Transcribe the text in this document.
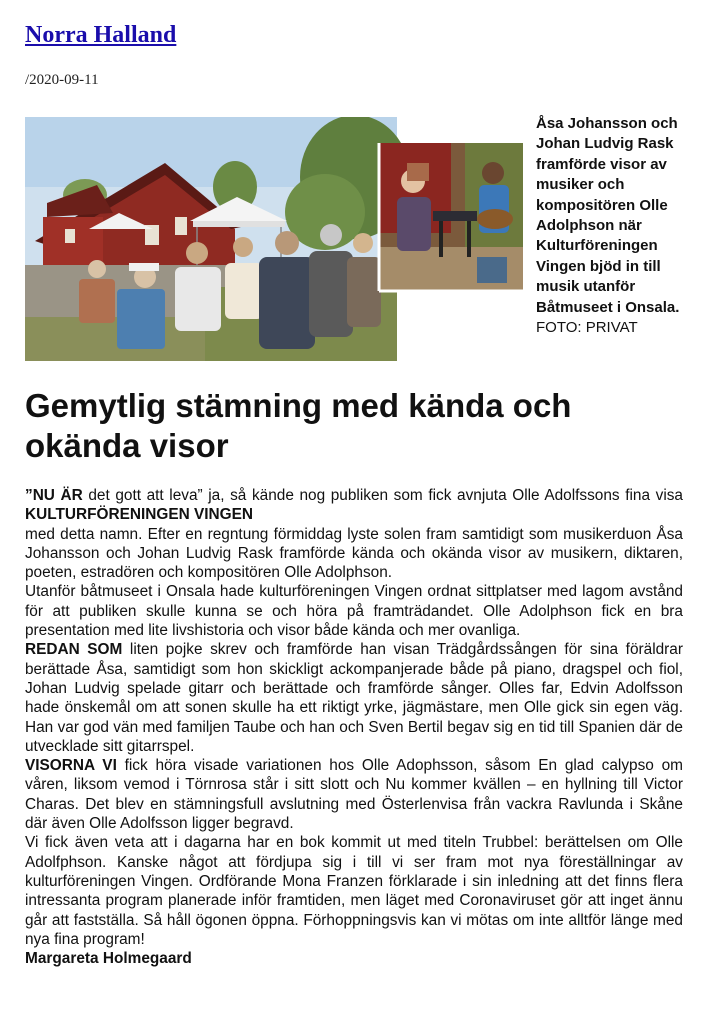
Norra Halland
/2020-09-11
Åsa Johansson och Johan Ludvig Rask framförde visor av musiker och kompositören Olle Adolphson när Kulturföreningen Vingen bjöd in till musik utanför Båtmuseet i Onsala.
FOTO: PRIVAT
Gemytlig stämning med kända och okända visor

”NU ÄR det gott att leva” ja, så kände nog publiken som fick avnjuta Olle Adolfssons fina visa KULTURFÖRENINGEN VINGEN

med detta namn. Efter en regntung förmiddag lyste solen fram samtidigt som musikerduon Åsa Johansson och Johan Ludvig Rask framförde kända och okända visor av musikern, diktaren, poeten, estradören och kompositören Olle Adolphson.

Utanför båtmuseet i Onsala hade kulturföreningen Vingen ordnat sittplatser med lagom avstånd för att publiken skulle kunna se och höra på framträdandet. Olle Adolphson fick en bra presentation med lite livshistoria och visor både kända och mer ovanliga.

REDAN SOM liten pojke skrev och framförde han visan Trädgårdssången för sina föräldrar berättade Åsa, samtidigt som hon skickligt ackompanjerade både på piano, dragspel och fiol, Johan Ludvig spelade gitarr och berättade och framförde sånger. Olles far, Edvin Adolfsson hade önskemål om att sonen skulle ha ett riktigt yrke, jägmästare, men Olle gick sin egen väg. Han var god vän med familjen Taube och han och Sven Bertil begav sig en tid till Spanien där de utvecklade sitt gitarrspel.

VISORNA VI fick höra visade variationen hos Olle Adophsson, såsom En glad calypso om våren, liksom vemod i Törnrosa står i sitt slott och Nu kommer kvällen – en hyllning till Victor Charas. Det blev en stämningsfull avslutning med Österlenvisa från vackra Ravlunda i Skåne där även Olle Adolfsson ligger begravd.

Vi fick även veta att i dagarna har en bok kommit ut med titeln Trubbel: berättelsen om Olle Adolfphson. Kanske något att fördjupa sig i till vi ser fram mot nya föreställningar av kulturföreningen Vingen. Ordförande Mona Franzen förklarade i sin inledning att det finns flera intressanta program planerade inför framtiden, men läget med Coronaviruset gör att inget ännu går att fastställa. Så håll ögonen öppna. Förhoppningsvis kan vi mötas om inte alltför länge med nya fina program!

Margareta Holmegaard
